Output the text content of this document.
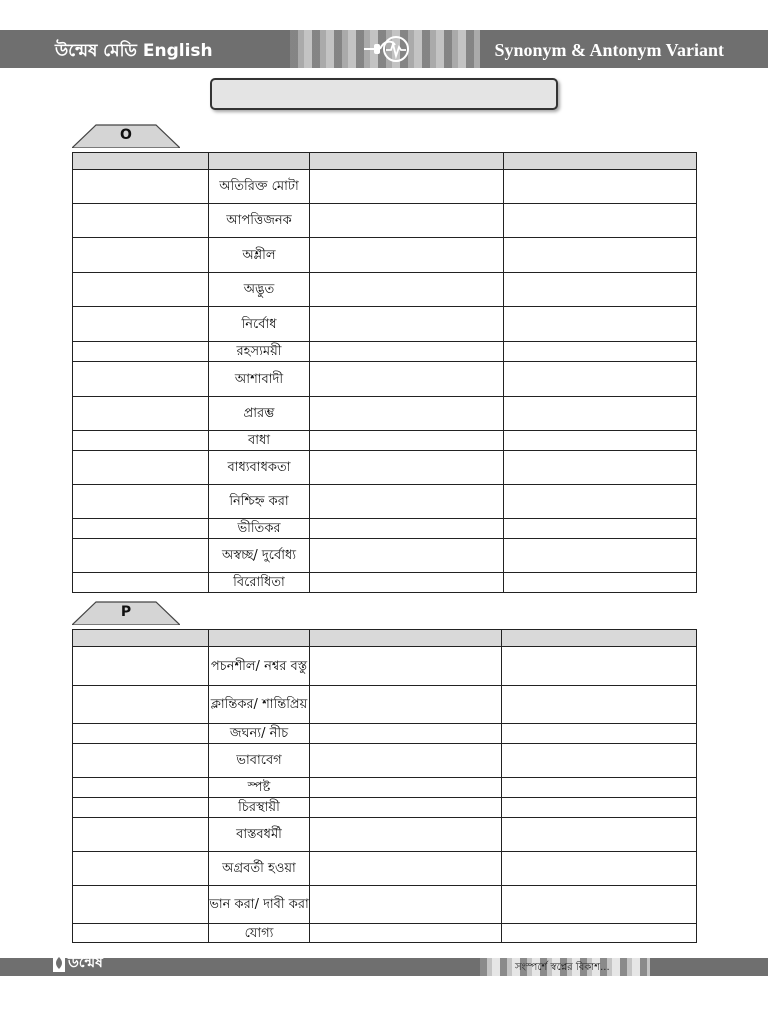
উন্মেষ মেডি English	Synonym & Antonym Variant
O

	অতিরিক্ত মোটা		
	আপত্তিজনক		
	অশ্লীল		
	অদ্ভুত		
	নির্বোধ		
	রহস্যময়ী		
	আশাবাদী		
	প্রারম্ভ		
	বাধা		
	বাধ্যবাধকতা		
	নিশ্চিহ্ন করা		
	ভীতিকর		
	অস্বচ্ছ/ দুর্বোধ্য		
	বিরোধিতা		
P

	পচনশীল/ নশ্বর বস্তু		
	ক্লান্তিকর/ শান্তিপ্রিয়		
	জঘন্য/ নীচ		
	ভাবাবেগ		
	স্পষ্ট		
	চিরস্থায়ী		
	বাস্তবধর্মী		
	অগ্রবর্তী হওয়া		
	ভান করা/ দাবী করা		
	যোগ্য		
উন্মেষ	সংস্পর্শে স্বপ্নের বিকাশ...
